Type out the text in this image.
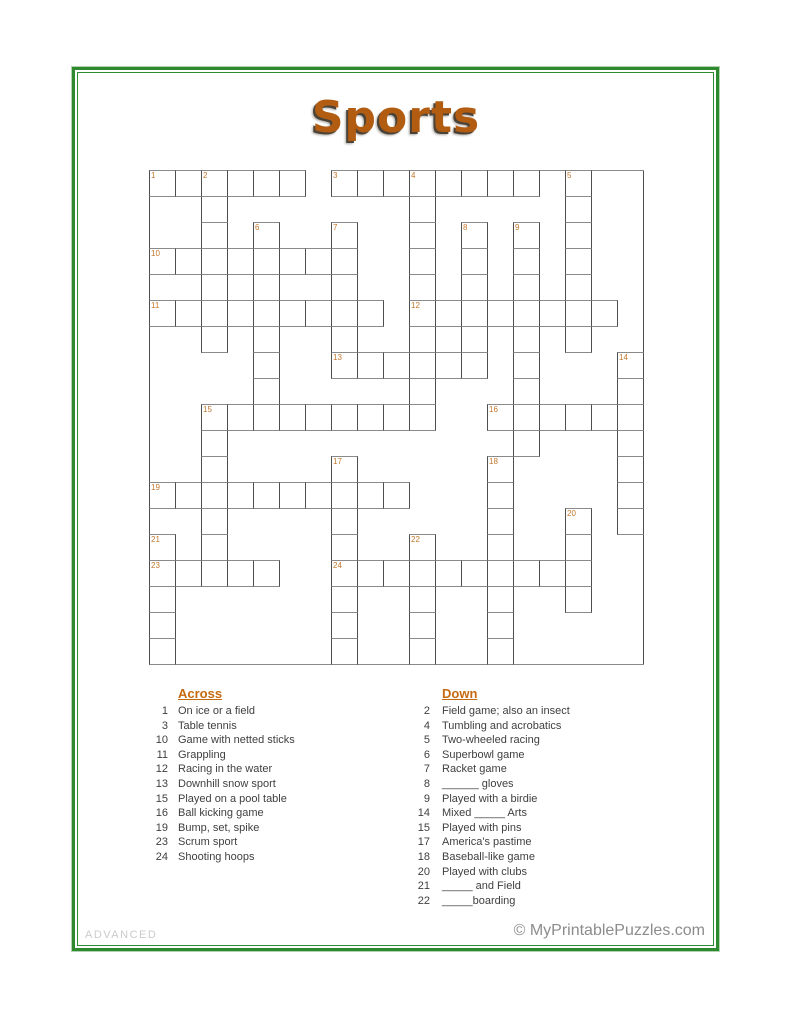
Sports
1	2	3	4	5
6	7	8	9
10
11	12
13	14
15	16
17	18
19
20
21	22
23	24
Across
1 On ice or a field
3 Table tennis
10 Game with netted sticks
11 Grappling
12 Racing in the water
13 Downhill snow sport
15 Played on a pool table
16 Ball kicking game
19 Bump, set, spike
23 Scrum sport
24 Shooting hoops
Down
2 Field game; also an insect
4 Tumbling and acrobatics
5 Two-wheeled racing
6 Superbowl game
7 Racket game
8 ______ gloves
9 Played with a birdie
14 Mixed _____ Arts
15 Played with pins
17 America's pastime
18 Baseball-like game
20 Played with clubs
21 _____ and Field
22 _____boarding
ADVANCED	© MyPrintablePuzzles.com
